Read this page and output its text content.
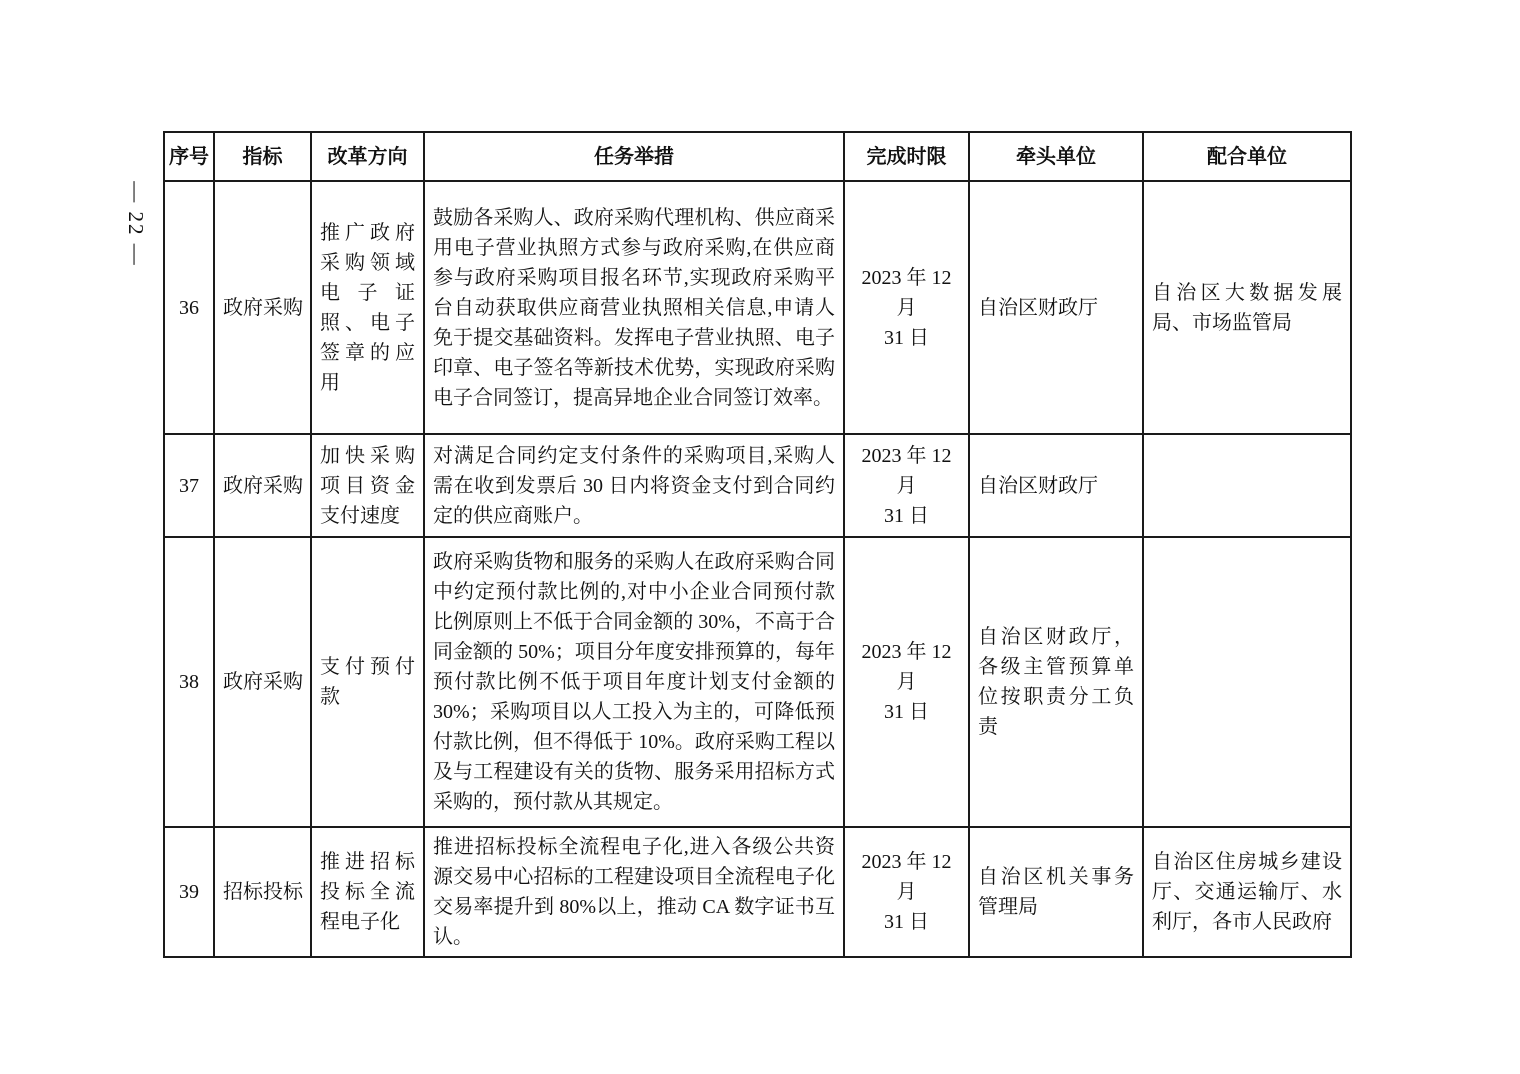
— 22 —
序号	指标	改革方向	任务举措	完成时限	牵头单位	配合单位
36	政府采购	推广政府采购领域电子证照、电子签章的应用	鼓励各采购人、政府采购代理机构、供应商采用电子营业执照方式参与政府采购,在供应商参与政府采购项目报名环节,实现政府采购平台自动获取供应商营业执照相关信息,申请人免于提交基础资料。发挥电子营业执照、电子印章、电子签名等新技术优势，实现政府采购电子合同签订，提高异地企业合同签订效率。	2023 年 12 月
31 日	自治区财政厅	自治区大数据发展局、市场监管局
37	政府采购	加快采购项目资金支付速度	对满足合同约定支付条件的采购项目,采购人需在收到发票后 30 日内将资金支付到合同约定的供应商账户。	2023 年 12 月
31 日	自治区财政厅	
38	政府采购	支付预付款	政府采购货物和服务的采购人在政府采购合同中约定预付款比例的,对中小企业合同预付款比例原则上不低于合同金额的 30%，不高于合同金额的 50%；项目分年度安排预算的，每年预付款比例不低于项目年度计划支付金额的 30%；采购项目以人工投入为主的，可降低预付款比例，但不得低于 10%。政府采购工程以及与工程建设有关的货物、服务采用招标方式采购的，预付款从其规定。	2023 年 12 月
31 日	自治区财政厅，各级主管预算单位按职责分工负责	
39	招标投标	推进招标投标全流程电子化	推进招标投标全流程电子化,进入各级公共资源交易中心招标的工程建设项目全流程电子化交易率提升到 80%以上，推动 CA 数字证书互认。	2023 年 12 月
31 日	自治区机关事务管理局	自治区住房城乡建设厅、交通运输厅、水利厅，各市人民政府
